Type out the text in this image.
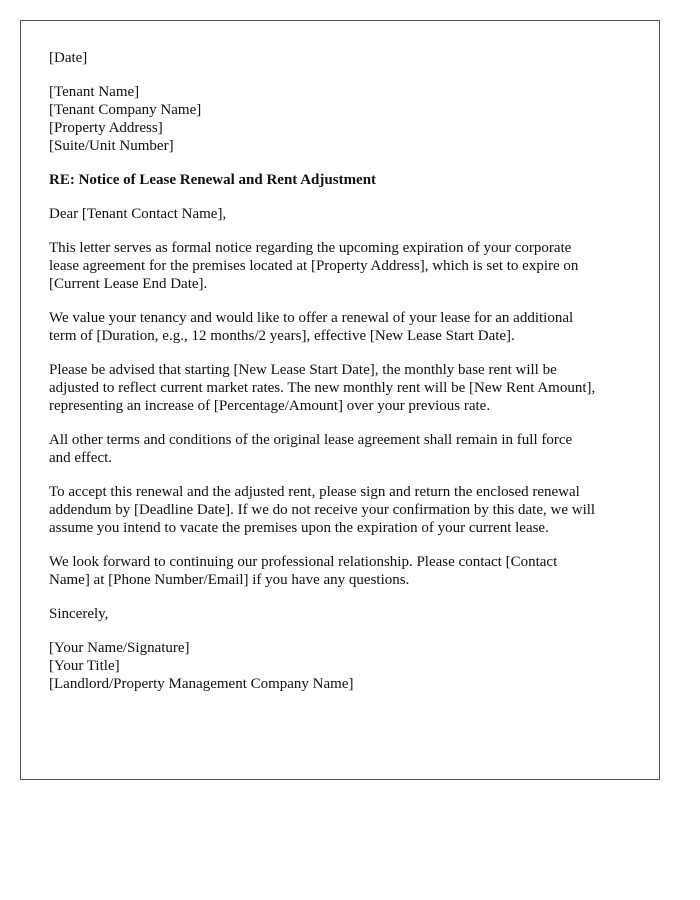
[Date]
[Tenant Name]
[Tenant Company Name]
[Property Address]
[Suite/Unit Number]
RE: Notice of Lease Renewal and Rent Adjustment
Dear [Tenant Contact Name],

This letter serves as formal notice regarding the upcoming expiration of your corporate
lease agreement for the premises located at [Property Address], which is set to expire on
[Current Lease End Date].

We value your tenancy and would like to offer a renewal of your lease for an additional
term of [Duration, e.g., 12 months/2 years], effective [New Lease Start Date].

Please be advised that starting [New Lease Start Date], the monthly base rent will be
adjusted to reflect current market rates. The new monthly rent will be [New Rent Amount],
representing an increase of [Percentage/Amount] over your previous rate.

All other terms and conditions of the original lease agreement shall remain in full force
and effect.

To accept this renewal and the adjusted rent, please sign and return the enclosed renewal
addendum by [Deadline Date]. If we do not receive your confirmation by this date, we will
assume you intend to vacate the premises upon the expiration of your current lease.

We look forward to continuing our professional relationship. Please contact [Contact
Name] at [Phone Number/Email] if you have any questions.

Sincerely,
[Your Name/Signature]
[Your Title]
[Landlord/Property Management Company Name]
